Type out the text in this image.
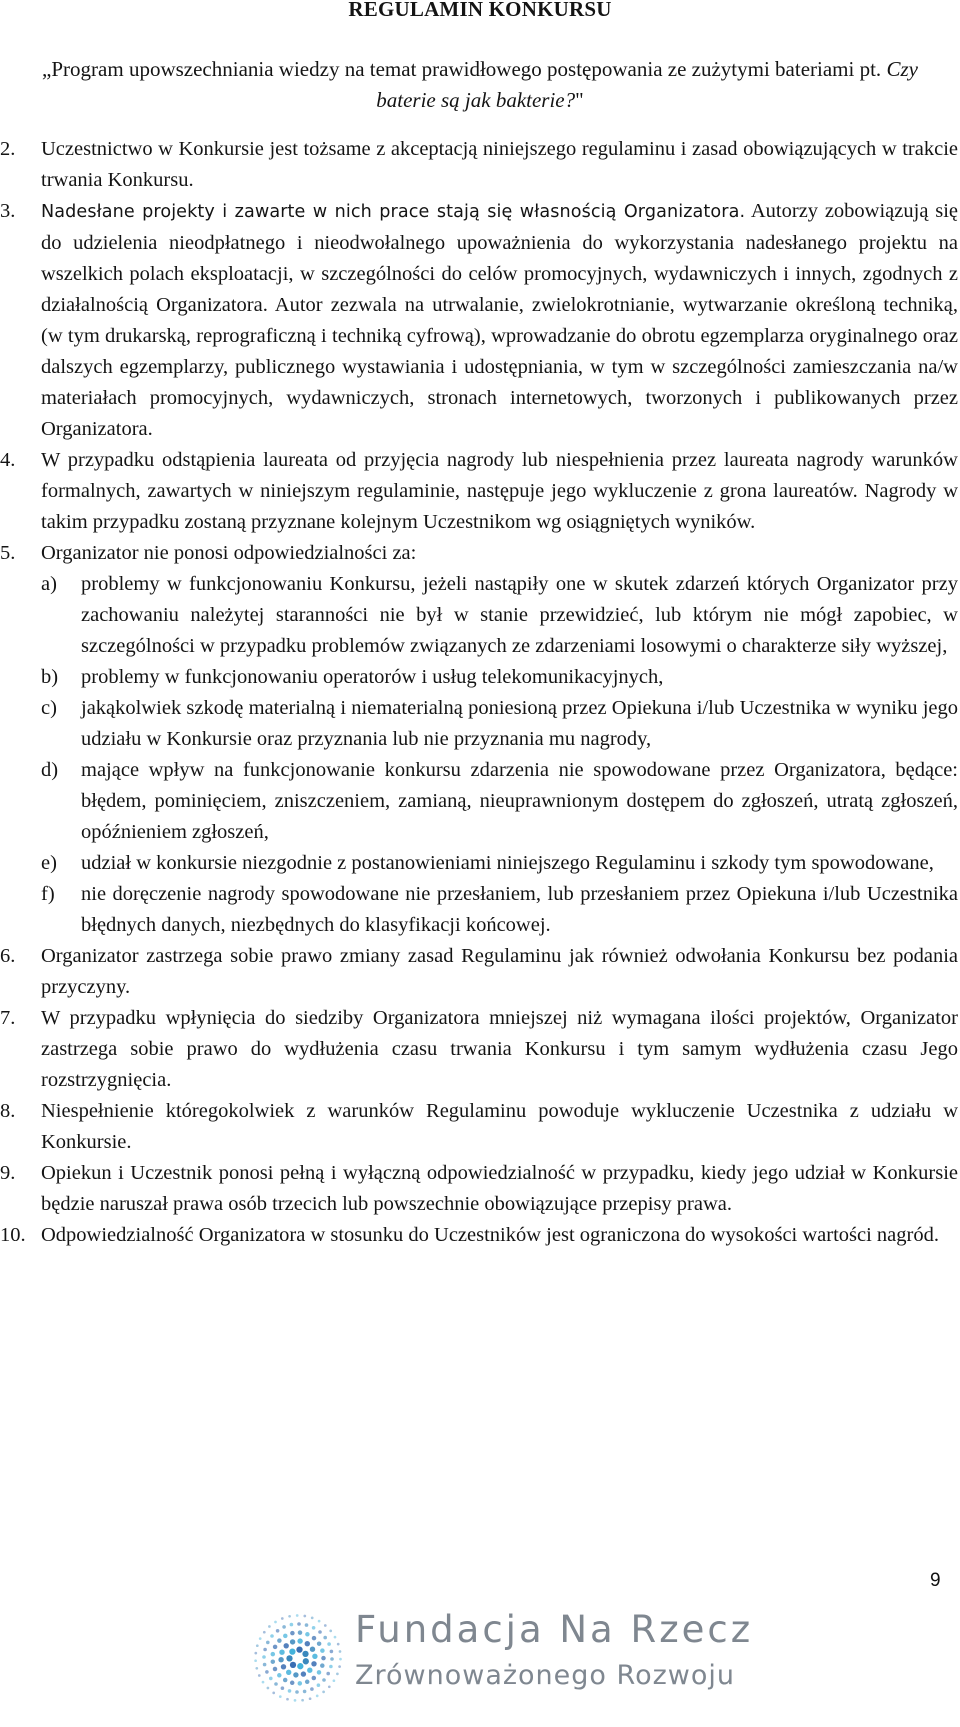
REGULAMIN KONKURSU
„Program upowszechniania wiedzy na temat prawidłowego postępowania ze zużytymi bateriami pt. Czy baterie są jak bakterie?"
2. Uczestnictwo w Konkursie jest tożsame z akceptacją niniejszego regulaminu i zasad obowiązujących w trakcie trwania Konkursu.
3. Nadesłane projekty i zawarte w nich prace stają się własnością Organizatora. Autorzy zobowiązują się do udzielenia nieodpłatnego i nieodwołalnego upoważnienia do wykorzystania nadesłanego projektu na wszelkich polach eksploatacji, w szczególności do celów promocyjnych, wydawniczych i innych, zgodnych z działalnością Organizatora. Autor zezwala na utrwalanie, zwielokrotnianie, wytwarzanie określoną techniką, (w tym drukarską, reprograficzną i techniką cyfrową), wprowadzanie do obrotu egzemplarza oryginalnego oraz dalszych egzemplarzy, publicznego wystawiania i udostępniania, w tym w szczególności zamieszczania na/w materiałach promocyjnych, wydawniczych, stronach internetowych, tworzonych i publikowanych przez Organizatora.
4. W przypadku odstąpienia laureata od przyjęcia nagrody lub niespełnienia przez laureata nagrody warunków formalnych, zawartych w niniejszym regulaminie, następuje jego wykluczenie z grona laureatów. Nagrody w takim przypadku zostaną przyznane kolejnym Uczestnikom wg osiągniętych wyników.
5. Organizator nie ponosi odpowiedzialności za:
a) problemy w funkcjonowaniu Konkursu, jeżeli nastąpiły one w skutek zdarzeń których Organizator przy zachowaniu należytej staranności nie był w stanie przewidzieć, lub którym nie mógł zapobiec, w szczególności w przypadku problemów związanych ze zdarzeniami losowymi o charakterze siły wyższej,
b) problemy w funkcjonowaniu operatorów i usług telekomunikacyjnych,
c) jakąkolwiek szkodę materialną i niematerialną poniesioną przez Opiekuna i/lub Uczestnika w wyniku jego udziału w Konkursie oraz przyznania lub nie przyznania mu nagrody,
d) mające wpływ na funkcjonowanie konkursu zdarzenia nie spowodowane przez Organizatora, będące: błędem, pominięciem, zniszczeniem, zamianą, nieuprawnionym dostępem do zgłoszeń, utratą zgłoszeń, opóźnieniem zgłoszeń,
e) udział w konkursie niezgodnie z postanowieniami niniejszego Regulaminu i szkody tym spowodowane,
f) nie doręczenie nagrody spowodowane nie przesłaniem, lub przesłaniem przez Opiekuna i/lub Uczestnika błędnych danych, niezbędnych do klasyfikacji końcowej.
6. Organizator zastrzega sobie prawo zmiany zasad Regulaminu jak również odwołania Konkursu bez podania przyczyny.
7. W przypadku wpłynięcia do siedziby Organizatora mniejszej niż wymagana ilości projektów, Organizator zastrzega sobie prawo do wydłużenia czasu trwania Konkursu i tym samym wydłużenia czasu Jego rozstrzygnięcia.
8. Niespełnienie któregokolwiek z warunków Regulaminu powoduje wykluczenie Uczestnika z udziału w Konkursie.
9. Opiekun i Uczestnik ponosi pełną i wyłączną odpowiedzialność w przypadku, kiedy jego udział w Konkursie będzie naruszał prawa osób trzecich lub powszechnie obowiązujące przepisy prawa.
10. Odpowiedzialność Organizatora w stosunku do Uczestników jest ograniczona do wysokości wartości nagród.
9
Fundacja Na Rzecz
Zrównoważonego Rozwoju
